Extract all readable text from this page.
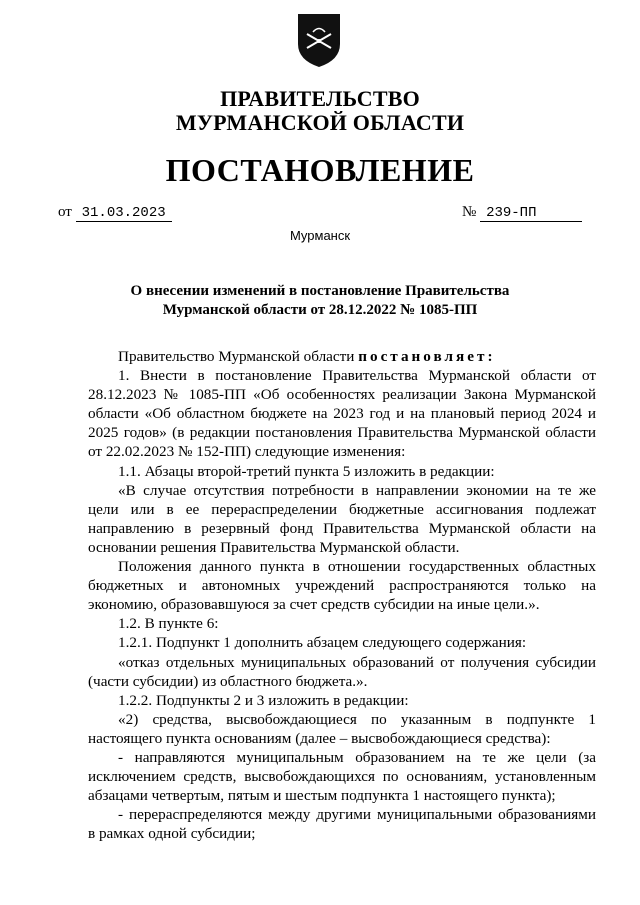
ПРАВИТЕЛЬСТВО
МУРМАНСКОЙ ОБЛАСТИ
ПОСТАНОВЛЕНИЕ
от 31.03.2023	№ 239-ПП
Мурманск
О внесении изменений в постановление Правительства
Мурманской области от 28.12.2022 № 1085-ПП

Правительство Мурманской области постановляет:

1. Внести в постановление Правительства Мурманской области от 28.12.2023 № 1085-ПП «Об особенностях реализации Закона Мурманской области «Об областном бюджете на 2023 год и на плановый период 2024 и 2025 годов» (в редакции постановления Правительства Мурманской области от 22.02.2023 № 152-ПП) следующие изменения:

1.1. Абзацы второй-третий пункта 5 изложить в редакции:

«В случае отсутствия потребности в направлении экономии на те же цели или в ее перераспределении бюджетные ассигнования подлежат направлению в резервный фонд Правительства Мурманской области на основании решения Правительства Мурманской области.

Положения данного пункта в отношении государственных областных бюджетных и автономных учреждений распространяются только на экономию, образовавшуюся за счет средств субсидии на иные цели.».

1.2. В пункте 6:

1.2.1. Подпункт 1 дополнить абзацем следующего содержания:

«отказ отдельных муниципальных образований от получения субсидии (части субсидии) из областного бюджета.».

1.2.2. Подпункты 2 и 3 изложить в редакции:

«2) средства, высвобождающиеся по указанным в подпункте 1 настоящего пункта основаниям (далее – высвобождающиеся средства):

- направляются муниципальным образованием на те же цели (за исключением средств, высвобождающихся по основаниям, установленным абзацами четвертым, пятым и шестым подпункта 1 настоящего пункта);

- перераспределяются между другими муниципальными образованиями в рамках одной субсидии;
